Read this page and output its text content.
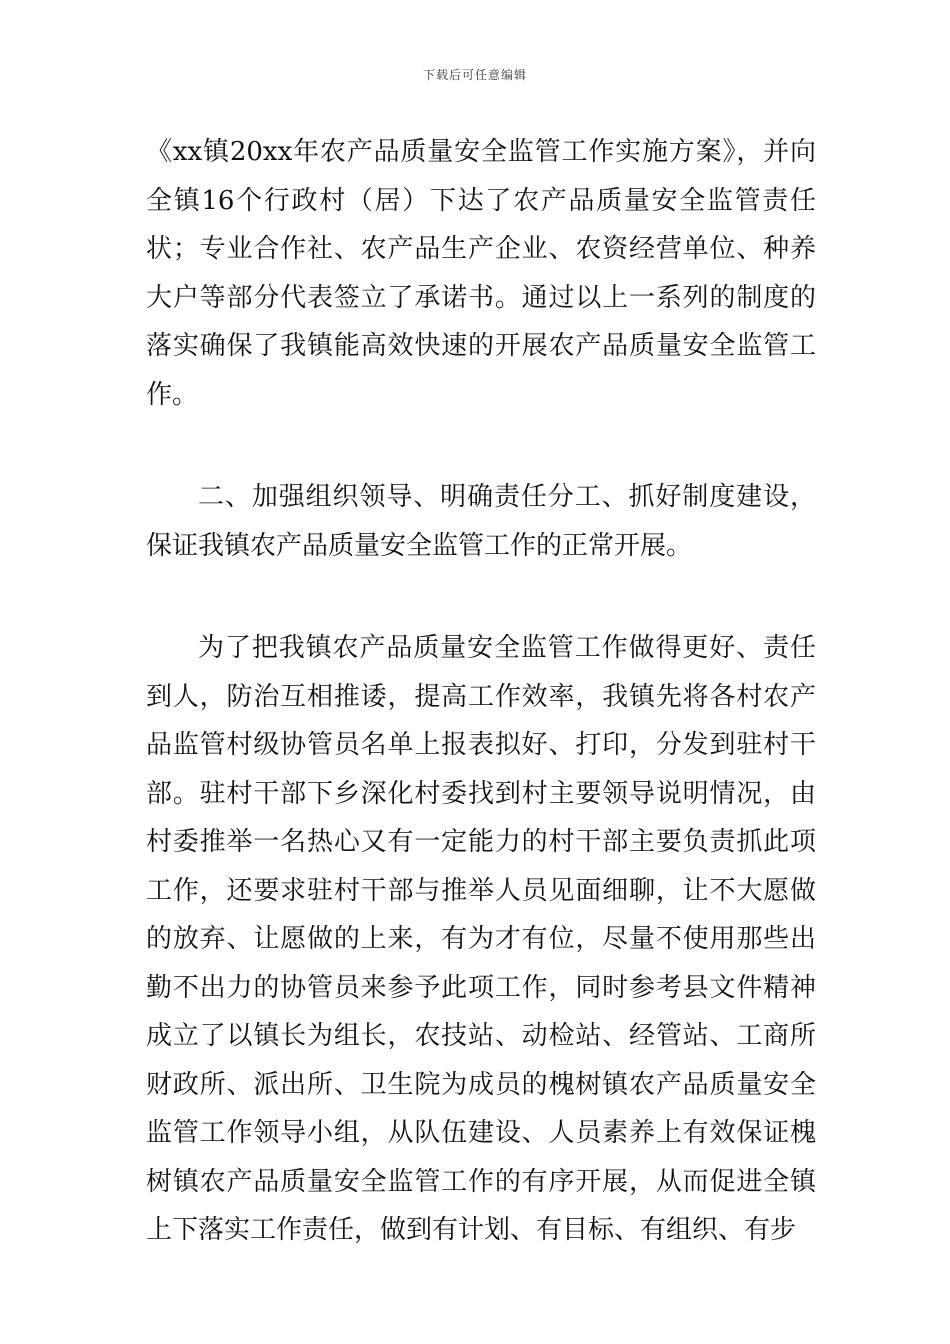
下载后可任意编辑

《xx镇20xx年农产品质量安全监管工作实施方案》，并向全镇16个行政村（居）下达了农产品质量安全监管责任状；专业合作社、农产品生产企业、农资经营单位、种养大户等部分代表签立了承诺书。通过以上一系列的制度的落实确保了我镇能高效快速的开展农产品质量安全监管工作。

二、加强组织领导、明确责任分工、抓好制度建设，保证我镇农产品质量安全监管工作的正常开展。

为了把我镇农产品质量安全监管工作做得更好、责任到人，防治互相推诿，提高工作效率，我镇先将各村农产品监管村级协管员名单上报表拟好、打印，分发到驻村干部。驻村干部下乡深化村委找到村主要领导说明情况，由村委推举一名热心又有一定能力的村干部主要负责抓此项工作，还要求驻村干部与推举人员见面细聊，让不大愿做的放弃、让愿做的上来，有为才有位，尽量不使用那些出勤不出力的协管员来参予此项工作，同时参考县文件精神成立了以镇长为组长，农技站、动检站、经管站、工商所财政所、派出所、卫生院为成员的槐树镇农产品质量安全监管工作领导小组，从队伍建设、人员素养上有效保证槐树镇农产品质量安全监管工作的有序开展，从而促进全镇上下落实工作责任，做到有计划、有目标、有组织、有步
